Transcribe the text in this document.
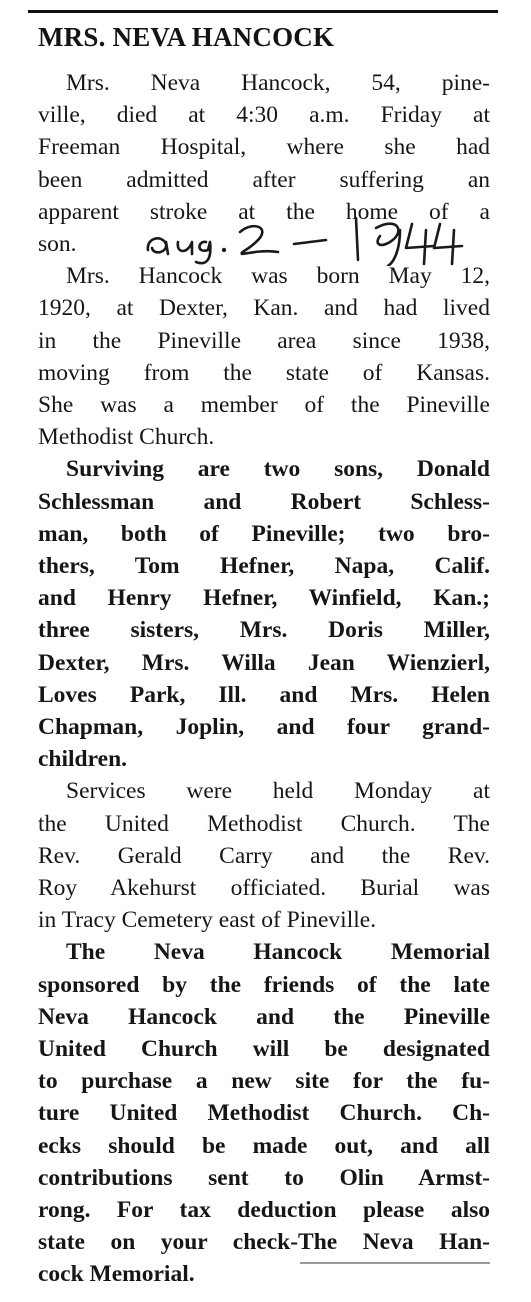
MRS. NEVA HANCOCK

Mrs. Neva Hancock, 54, pine-

ville, died at 4:30 a.m. Friday at

Freeman Hospital, where she had

been admitted after suffering an

apparent stroke at the home of a

son.

Mrs. Hancock was born May 12,

1920, at Dexter, Kan. and had lived

in the Pineville area since 1938,

moving from the state of Kansas.

She was a member of the Pineville

Methodist Church.

Surviving are two sons, Donald

Schlessman and Robert Schless-

man, both of Pineville; two bro-

thers, Tom Hefner, Napa, Calif.

and Henry Hefner, Winfield, Kan.;

three sisters, Mrs. Doris Miller,

Dexter, Mrs. Willa Jean Wienzierl,

Loves Park, Ill. and Mrs. Helen

Chapman, Joplin, and four grand-

children.

Services were held Monday at

the United Methodist Church. The

Rev. Gerald Carry and the Rev.

Roy Akehurst officiated. Burial was

in Tracy Cemetery east of Pineville.

The Neva Hancock Memorial

sponsored by the friends of the late

Neva Hancock and the Pineville

United Church will be designated

to purchase a new site for the fu-

ture United Methodist Church. Ch-

ecks should be made out, and all

contributions sent to Olin Armst-

rong. For tax deduction please also

state on your check-The Neva Han-

cock Memorial.
